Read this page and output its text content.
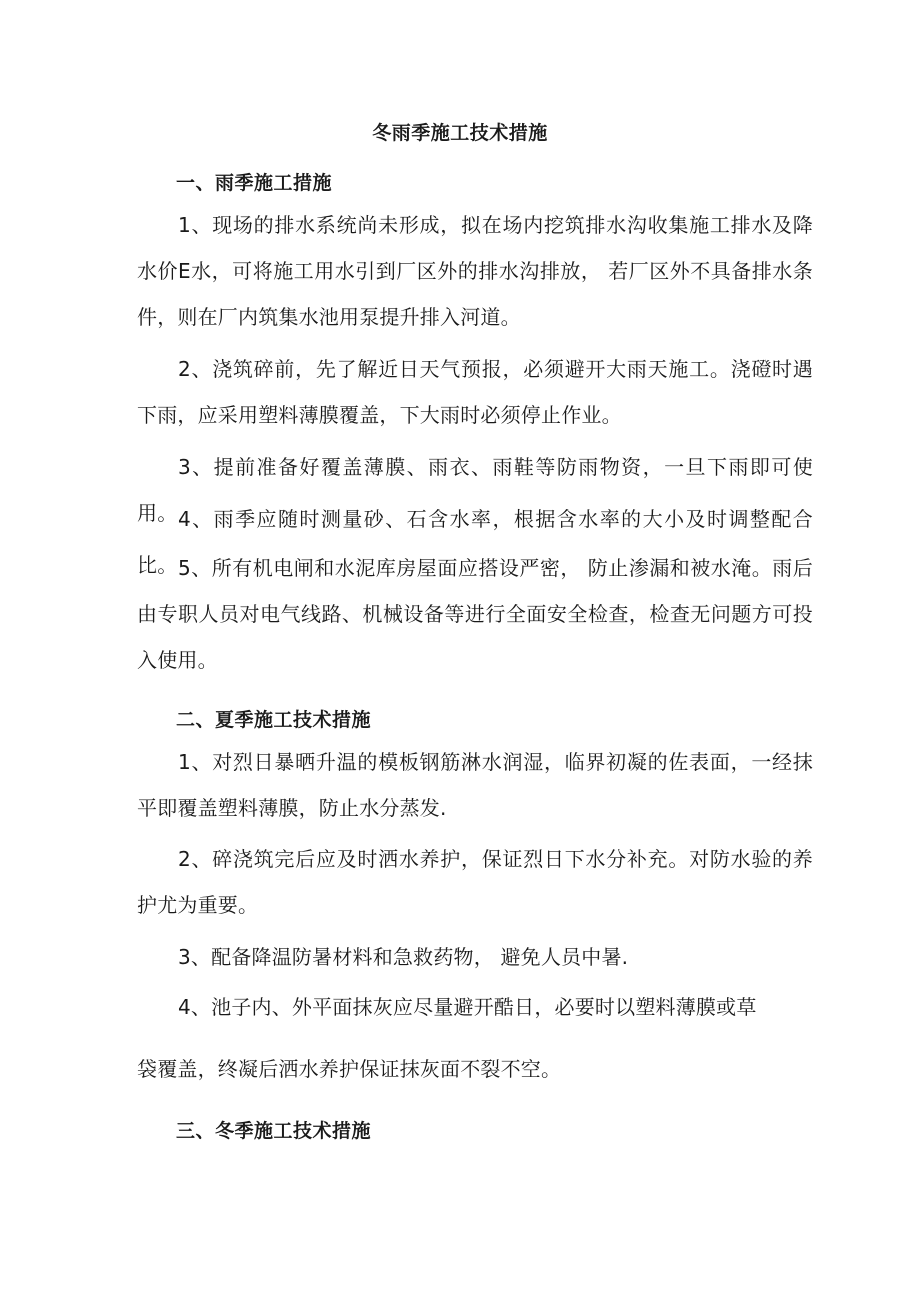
冬雨季施工技术措施
一、雨季施工措施
1、现场的排水系统尚未形成，拟在场内挖筑排水沟收集施工排水及降水价E水，可将施工用水引到厂区外的排水沟排放， 若厂区外不具备排水条件，则在厂内筑集水池用泵提升排入河道。
2、浇筑碎前，先了解近日天气预报，必须避开大雨天施工。浇磴时遇下雨，应采用塑料薄膜覆盖，下大雨时必须停止作业。
3、提前准备好覆盖薄膜、雨衣、雨鞋等防雨物资，一旦下雨即可使用。 4、雨季应随时测量砂、石含水率，根据含水率的大小及时调整配合比。 5、所有机电闸和水泥库房屋面应搭设严密， 防止渗漏和被水淹。雨后由专职人员对电气线路、机械设备等进行全面安全检查，检查无问题方可投入使用。
二、夏季施工技术措施
1、对烈日暴晒升温的模板钢筋淋水润湿，临界初凝的佐表面，一经抹平即覆盖塑料薄膜，防止水分蒸发.
2、碎浇筑完后应及时洒水养护，保证烈日下水分补充。对防水验的养护尤为重要。
3、配备降温防暑材料和急救药物， 避免人员中暑.
4、池子内、外平面抹灰应尽量避开酷日，必要时以塑料薄膜或草
袋覆盖，终凝后洒水养护保证抹灰面不裂不空。
三、冬季施工技术措施
